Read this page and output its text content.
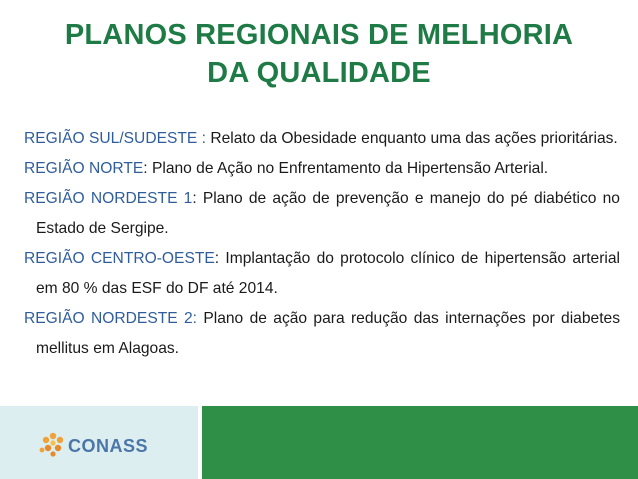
PLANOS REGIONAIS DE MELHORIA
DA QUALIDADE

REGIÃO SUL/SUDESTE : Relato da Obesidade enquanto uma das ações prioritárias.

REGIÃO NORTE: Plano de Ação no Enfrentamento da Hipertensão Arterial.

REGIÃO NORDESTE 1: Plano de ação de prevenção e manejo do pé diabético no Estado de Sergipe.

REGIÃO CENTRO-OESTE: Implantação do protocolo clínico de hipertensão arterial em 80 % das ESF do DF até 2014.

REGIÃO NORDESTE 2: Plano de ação para redução das internações por diabetes mellitus em Alagoas.

CONASS
